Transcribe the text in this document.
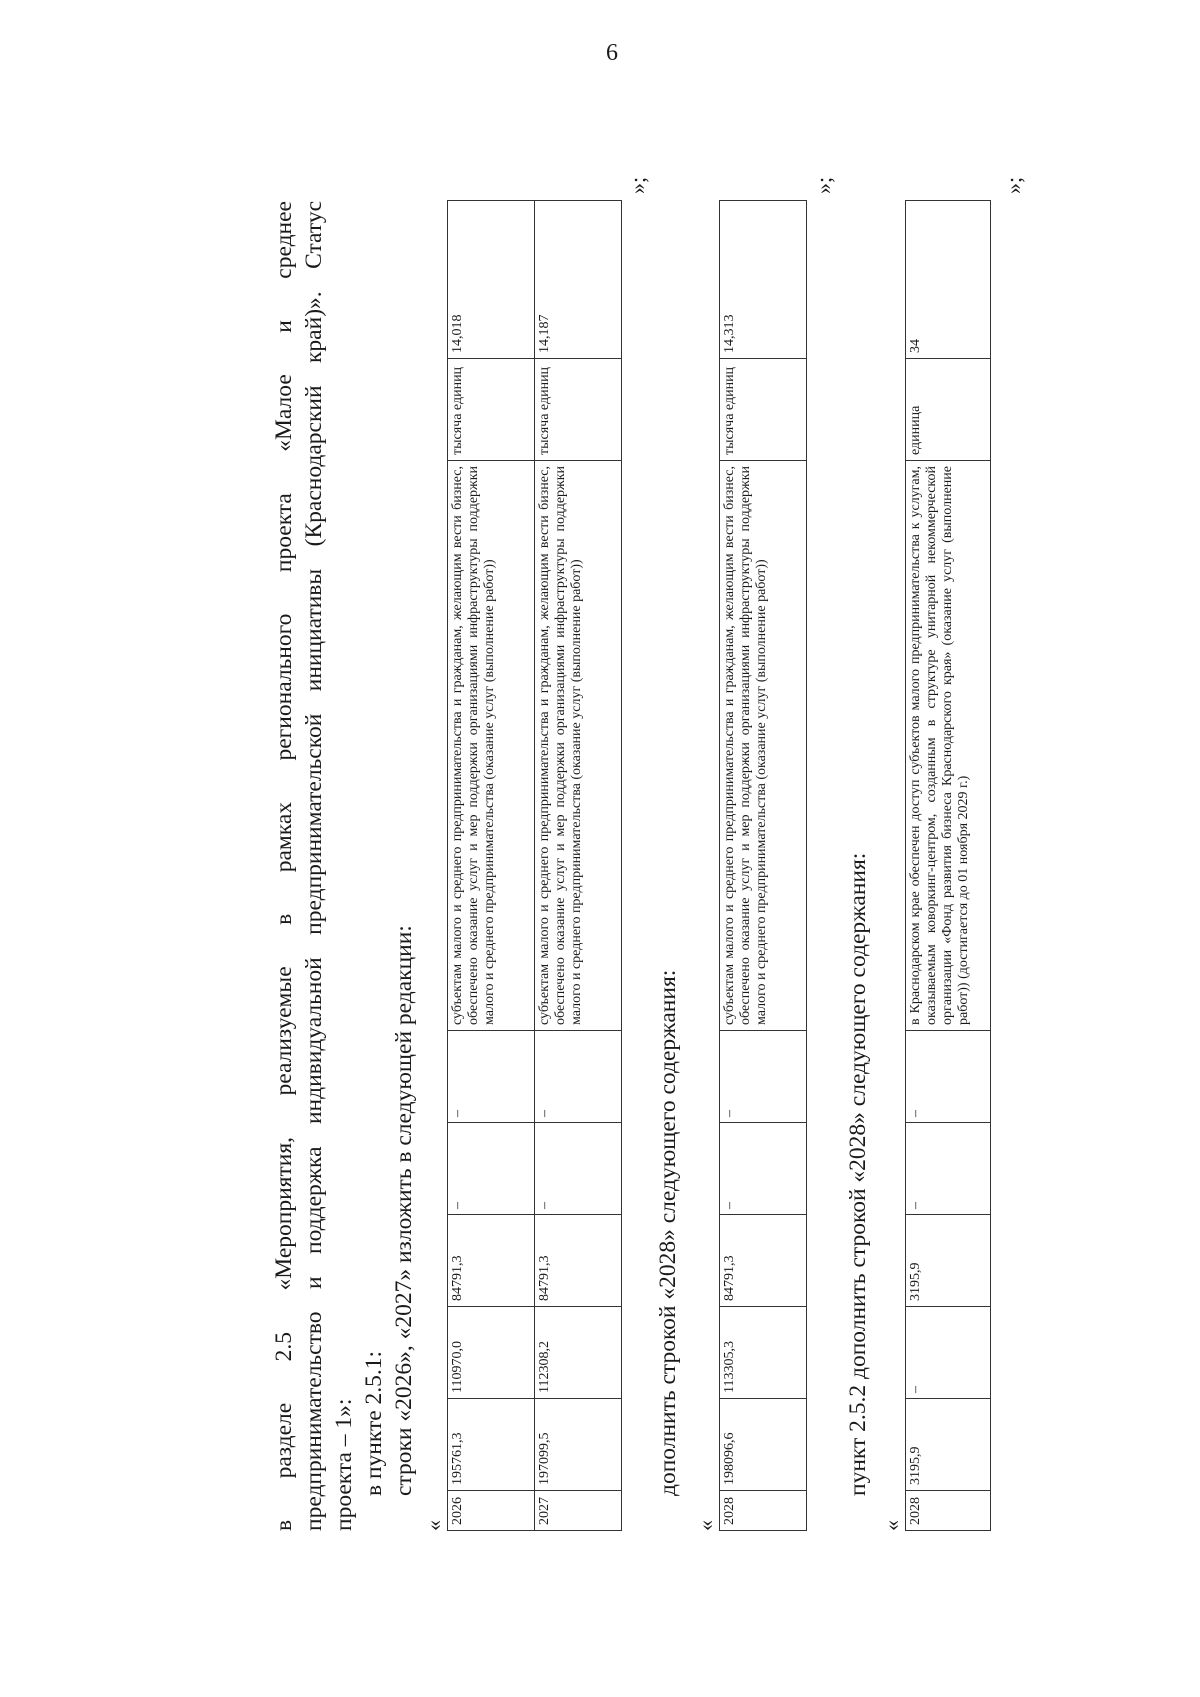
6
в разделе 2.5 «Мероприятия, реализуемые в рамках регионального проекта «Малое и среднее предпринимательство и поддержка индивидуальной предпринимательской инициативы (Краснодарский край)». Статус проекта – 1»: в пункте 2.5.1: строки «2026», «2027» изложить в следующей редакции:
«
2026	195761,3	110970,0	84791,3	–	–	субъектам малого и среднего предпринимательства и гражданам, желающим вести бизнес, обеспечено оказание услуг и мер поддержки организациями инфраструктуры поддержки малого и среднего предпринимательства (оказание услуг (выполнение работ))	тысяча единиц	14,018
2027	197099,5	112308,2	84791,3	–	–	субъектам малого и среднего предпринимательства и гражданам, желающим вести бизнес, обеспечено оказание услуг и мер поддержки организациями инфраструктуры поддержки малого и среднего предпринимательства (оказание услуг (выполнение работ))	тысяча единиц	14,187
»;
дополнить строкой «2028» следующего содержания:
«
2028	198096,6	113305,3	84791,3	–	–	субъектам малого и среднего предпринимательства и гражданам, желающим вести бизнес, обеспечено оказание услуг и мер поддержки организациями инфраструктуры поддержки малого и среднего предпринимательства (оказание услуг (выполнение работ))	тысяча единиц	14,313
»;
пункт 2.5.2 дополнить строкой «2028» следующего содержания:
«
2028	3195,9	–	3195,9	–	–	в Краснодарском крае обеспечен доступ субъектов малого предпринимательства к услугам, оказываемым коворкинг-центром, созданным в структуре унитарной некоммерческой организации «Фонд развития бизнеса Краснодарского края» (оказание услуг (выполнение работ)) (достигается до 01 ноября 2029 г.)	единица	34
»;
